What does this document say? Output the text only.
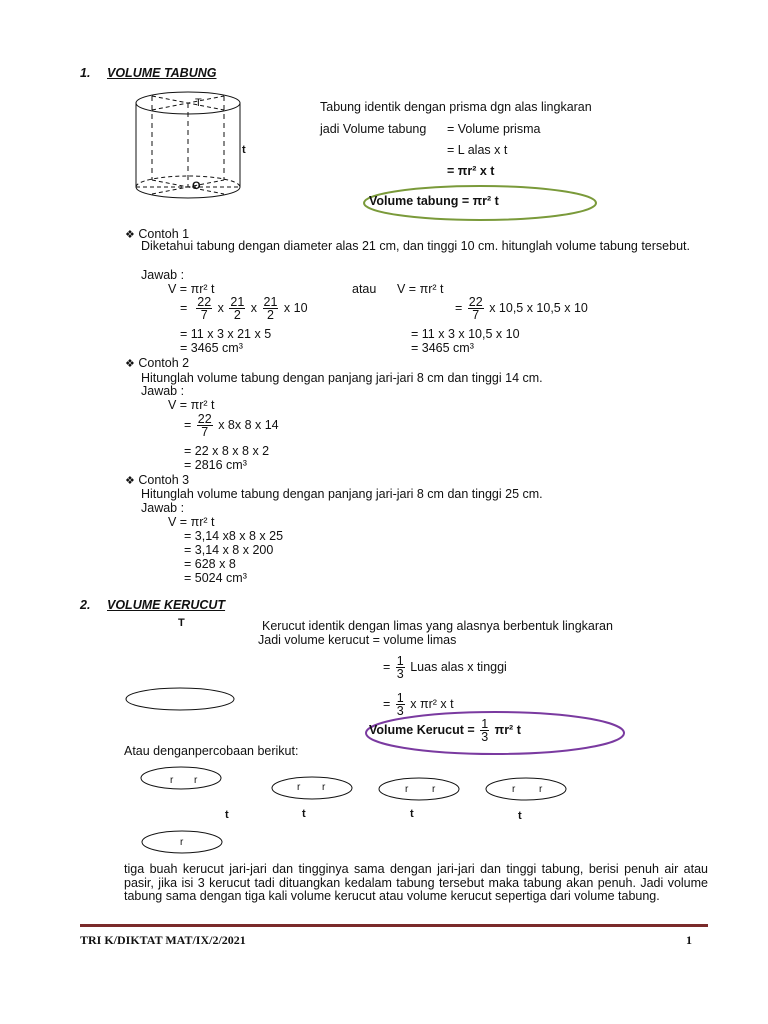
1. VOLUME TABUNG
T
t
O
Tabung identik dengan prisma dgn alas lingkaran
jadi Volume tabung = Volume prisma
= L alas x t
= πr² x t
Volume tabung = πr² t
❖ Contoh 1
Diketahui tabung dengan diameter alas 21 cm, dan tinggi 10 cm. hitunglah volume tabung tersebut.
Jawab :
V = πr² t
= $\frac{22}{7}$ x $\frac{21}{2}$ x $\frac{21}{2}$ x 10
= 11 x 3 x 21 x 5
= 3465 cm³
atau V = πr² t
= $\frac{22}{7}$ x 10,5 x 10,5 x 10
= 11 x 3 x 10,5 x 10
= 3465 cm³
❖ Contoh 2
Hitunglah volume tabung dengan panjang jari-jari 8 cm dan tinggi 14 cm.
Jawab :
V = πr² t
= $\frac{22}{7}$ x 8x 8 x 14
= 22 x 8 x 8 x 2
= 2816 cm³
❖ Contoh 3
Hitunglah volume tabung dengan panjang jari-jari 8 cm dan tinggi 25 cm.
Jawab :
V = πr² t
= 3,14 x8 x 8 x 25
= 3,14 x 8 x 200
= 628 x 8
= 5024 cm³
2. VOLUME KERUCUT
T	Kerucut identik dengan limas yang alasnya berbentuk lingkaran
Jadi volume kerucut = volume limas
= $\frac{1}{3}$ Luas alas x tinggi
= $\frac{1}{3}$ x πr² x t
Volume Kerucut = $\frac{1}{3} \pi r^2$ t
Atau denganpercobaan berikut:
r r
r r	r r	r r
r
t	t	t	t
tiga buah kerucut jari-jari dan tingginya sama dengan jari-jari dan tinggi tabung, berisi penuh air atau pasir, jika isi 3 kerucut tadi dituangkan kedalam tabung tersebut maka tabung akan penuh. Jadi volume tabung sama dengan tiga kali volume kerucut atau volume kerucut sepertiga dari volume tabung.
TRI K/DIKTAT MAT/IX/2/2021	1
